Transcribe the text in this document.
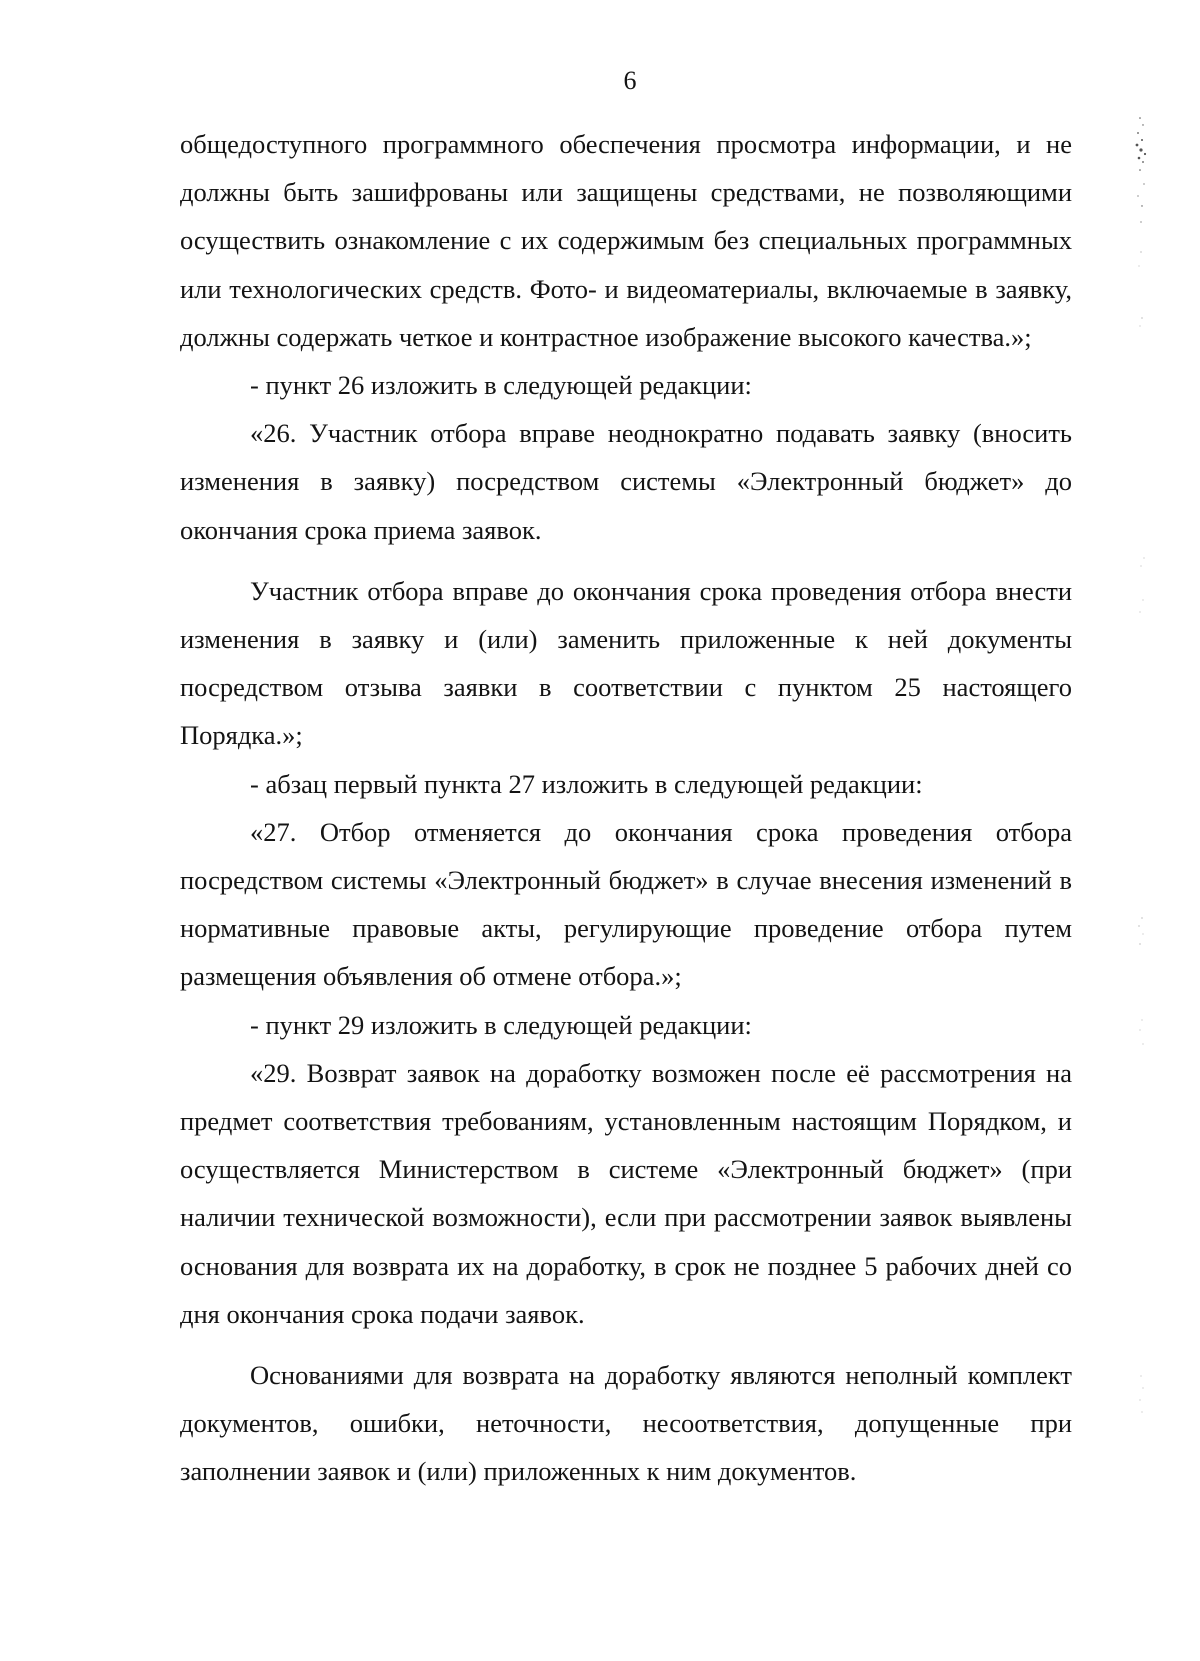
6

общедоступного программного обеспечения просмотра информации, и не должны быть зашифрованы или защищены средствами, не позволяющими осуществить ознакомление с их содержимым без специальных программных или технологических средств. Фото- и видеоматериалы, включаемые в заявку, должны содержать четкое и контрастное изображение высокого качества.»;

- пункт 26 изложить в следующей редакции:

«26. Участник отбора вправе неоднократно подавать заявку (вносить изменения в заявку) посредством системы «Электронный бюджет» до окончания срока приема заявок.

Участник отбора вправе до окончания срока проведения отбора внести изменения в заявку и (или) заменить приложенные к ней документы посредством отзыва заявки в соответствии с пунктом 25 настоящего Порядка.»;

- абзац первый пункта 27 изложить в следующей редакции:

«27. Отбор отменяется до окончания срока проведения отбора посредством системы «Электронный бюджет» в случае внесения изменений в нормативные правовые акты, регулирующие проведение отбора путем размещения объявления об отмене отбора.»;

- пункт 29 изложить в следующей редакции:

«29. Возврат заявок на доработку возможен после её рассмотрения на предмет соответствия требованиям, установленным настоящим Порядком, и осуществляется Министерством в системе «Электронный бюджет» (при наличии технической возможности), если при рассмотрении заявок выявлены основания для возврата их на доработку, в срок не позднее 5 рабочих дней со дня окончания срока подачи заявок.

Основаниями для возврата на доработку являются неполный комплект документов, ошибки, неточности, несоответствия, допущенные при заполнении заявок и (или) приложенных к ним документов.
